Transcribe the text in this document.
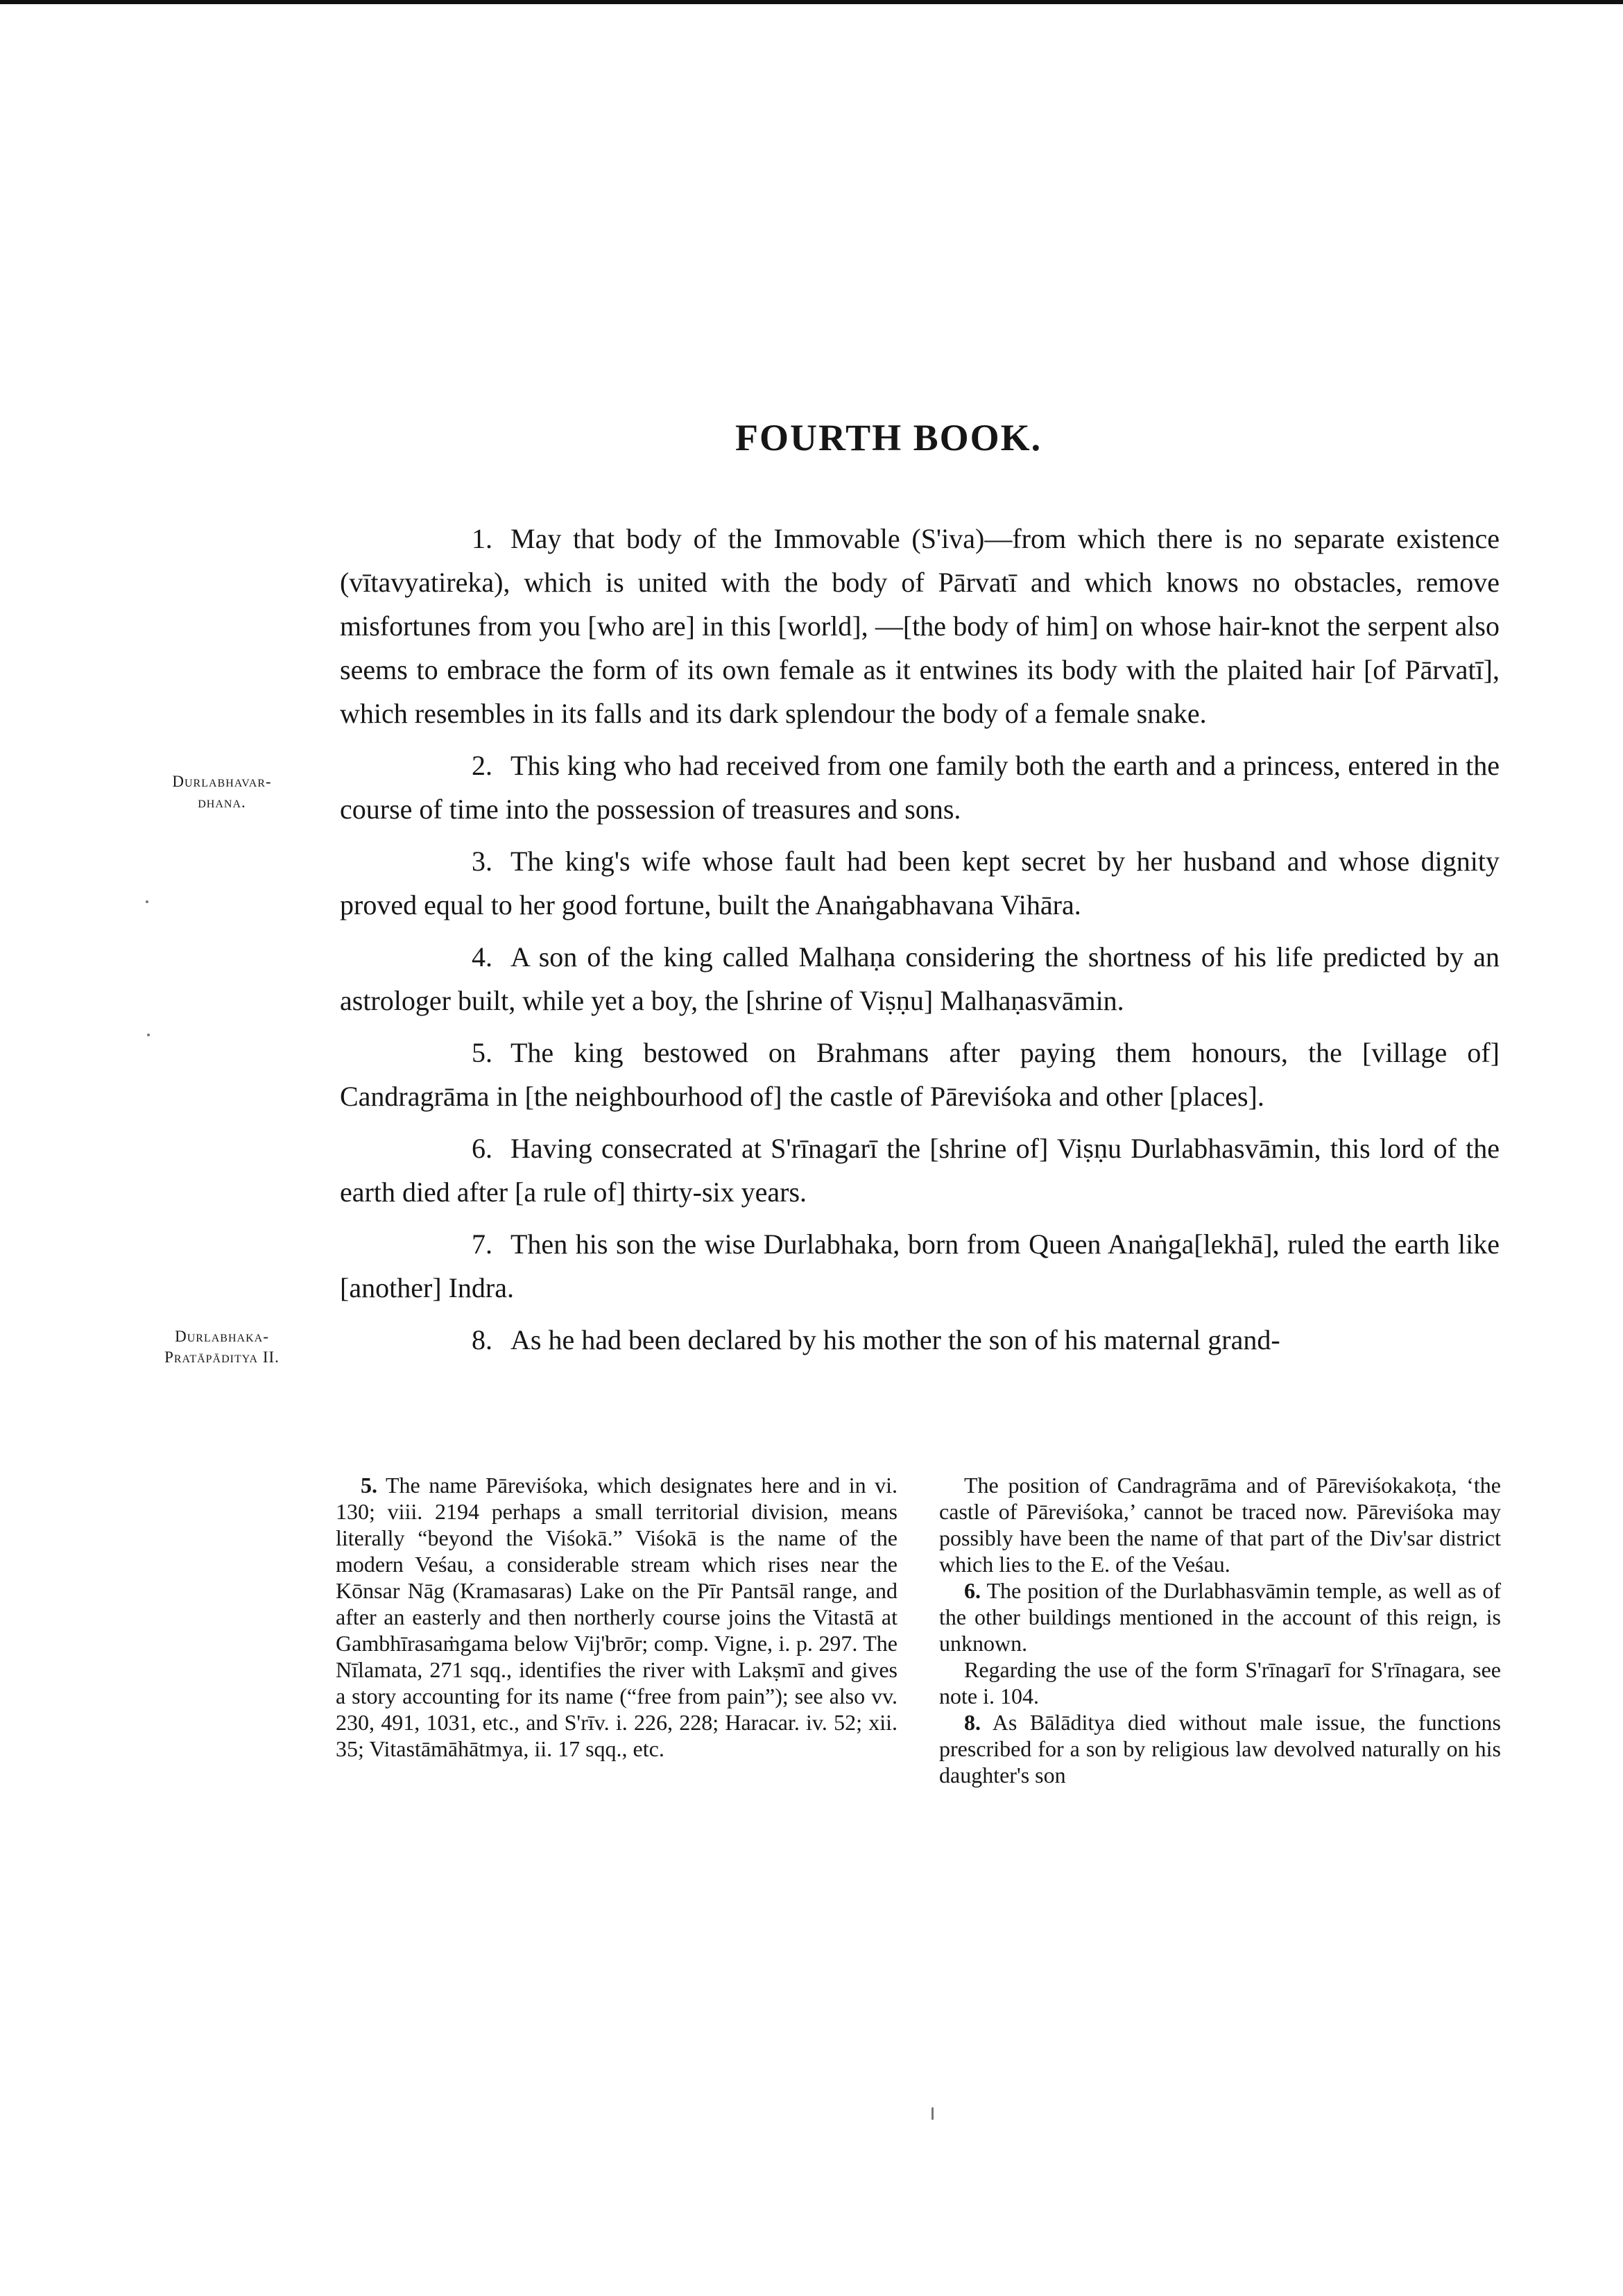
FOURTH BOOK.
Durlabhavar-
dhana.
Durlabhaka-
Pratāpāditya II.

1. May that body of the Immovable (S'iva)—from which there is no separate existence (vītavyatireka), which is united with the body of Pārvatī and which knows no obstacles, remove misfortunes from you [who are] in this [world], —[the body of him] on whose hair-knot the serpent also seems to embrace the form of its own female as it entwines its body with the plaited hair [of Pārvatī], which resembles in its falls and its dark splendour the body of a female snake.

2. This king who had received from one family both the earth and a princess, entered in the course of time into the possession of treasures and sons.

3. The king's wife whose fault had been kept secret by her husband and whose dignity proved equal to her good fortune, built the Anaṅgabhavana Vihāra.

4. A son of the king called Malhaṇa considering the shortness of his life predicted by an astrologer built, while yet a boy, the [shrine of Viṣṇu] Malhaṇasvāmin.

5. The king bestowed on Brahmans after paying them honours, the [village of] Candragrāma in [the neighbourhood of] the castle of Pāreviśoka and other [places].

6. Having consecrated at S'rīnagarī the [shrine of] Viṣṇu Durlabhasvāmin, this lord of the earth died after [a rule of] thirty-six years.

7. Then his son the wise Durlabhaka, born from Queen Anaṅga[lekhā], ruled the earth like [another] Indra.

8. As he had been declared by his mother the son of his maternal grand-

5. The name Pāreviśoka, which designates here and in vi. 130; viii. 2194 perhaps a small territorial division, means literally “beyond the Viśokā.” Viśokā is the name of the modern Veśau, a considerable stream which rises near the Kōnsar Nāg (Kramasaras) Lake on the Pīr Pantsāl range, and after an easterly and then northerly course joins the Vitastā at Gambhīrasaṁgama below Vij'brōr; comp. Vigne, i. p. 297. The Nīlamata, 271 sqq., identifies the river with Lakṣmī and gives a story accounting for its name (“free from pain”); see also vv. 230, 491, 1031, etc., and S'rīv. i. 226, 228; Haracar. iv. 52; xii. 35; Vitastāmāhātmya, ii. 17 sqq., etc.

The position of Candragrāma and of Pāreviśokakoṭa, ‘the castle of Pāreviśoka,’ cannot be traced now. Pāreviśoka may possibly have been the name of that part of the Div'sar district which lies to the E. of the Veśau.

6. The position of the Durlabhasvāmin temple, as well as of the other buildings mentioned in the account of this reign, is unknown.

Regarding the use of the form S'rīnagarī for S'rīnagara, see note i. 104.

8. As Bālāditya died without male issue, the functions prescribed for a son by religious law devolved naturally on his daughter's son
